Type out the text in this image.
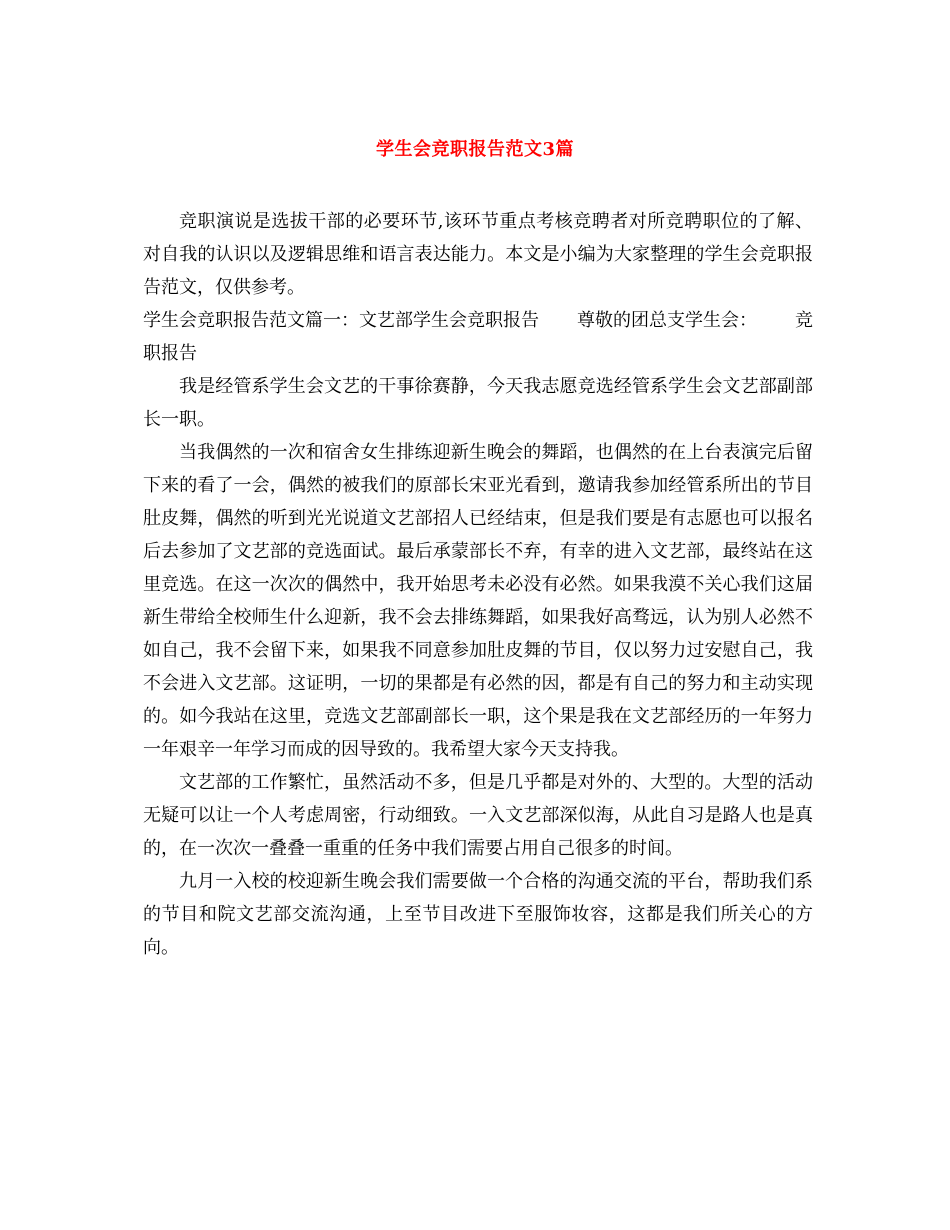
学生会竞职报告范文3篇

竞职演说是选拔干部的必要环节,该环节重点考核竞聘者对所竞聘职位的了解、对自我的认识以及逻辑思维和语言表达能力。本文是小编为大家整理的学生会竞职报告范文，仅供参考。

学生会竞职报告范文篇一：文艺部学生会竞职报告 尊敬的团总支学生会： 竞

职报告

我是经管系学生会文艺的干事徐赛静，今天我志愿竞选经管系学生会文艺部副部长一职。

当我偶然的一次和宿舍女生排练迎新生晚会的舞蹈，也偶然的在上台表演完后留下来的看了一会，偶然的被我们的原部长宋亚光看到，邀请我参加经管系所出的节目肚皮舞，偶然的听到光光说道文艺部招人已经结束，但是我们要是有志愿也可以报名后去参加了文艺部的竞选面试。最后承蒙部长不弃，有幸的进入文艺部，最终站在这里竞选。在这一次次的偶然中，我开始思考未必没有必然。如果我漠不关心我们这届新生带给全校师生什么迎新，我不会去排练舞蹈，如果我好高骛远，认为别人必然不如自己，我不会留下来，如果我不同意参加肚皮舞的节目，仅以努力过安慰自己，我不会进入文艺部。这证明，一切的果都是有必然的因，都是有自己的努力和主动实现的。如今我站在这里，竞选文艺部副部长一职，这个果是我在文艺部经历的一年努力一年艰辛一年学习而成的因导致的。我希望大家今天支持我。

文艺部的工作繁忙，虽然活动不多，但是几乎都是对外的、大型的。大型的活动无疑可以让一个人考虑周密，行动细致。一入文艺部深似海，从此自习是路人也是真的，在一次次一叠叠一重重的任务中我们需要占用自己很多的时间。

九月一入校的校迎新生晚会我们需要做一个合格的沟通交流的平台，帮助我们系的节目和院文艺部交流沟通，上至节目改进下至服饰妆容，这都是我们所关心的方向。
